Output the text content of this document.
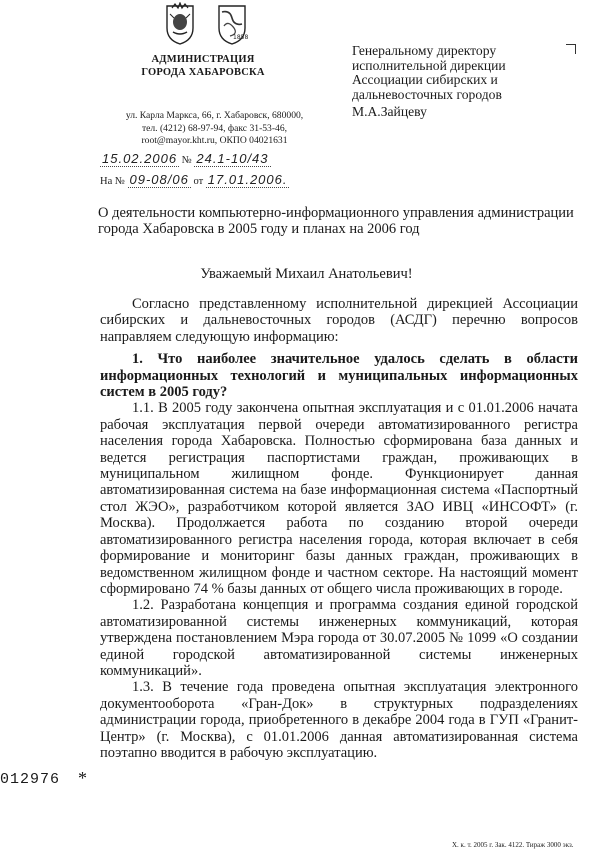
1858
АДМИНИСТРАЦИЯ
ГОРОДА ХАБАРОВСКА
ул. Карла Маркса, 66, г. Хабаровск, 680000,
тел. (4212) 68-97-94, факс 31-53-46,
root@mayor.kht.ru, ОКПО 04021631
15.02.2006 № 24.1-10/43
На № 09-08/06 от 17.01.2006.
Генеральному директору
исполнительной дирекции
Ассоциации сибирских и
дальневосточных городов
М.А.Зайцеву
О деятельности компьютерно-информационного управления администрации
города Хабаровска в 2005 году и планах на 2006 год
Уважаемый Михаил Анатольевич!

Согласно представленному исполнительной дирекцией Ассоциации сибирских и дальневосточных городов (АСДГ) перечню вопросов направляем следующую информацию:

1. Что наиболее значительное удалось сделать в области информационных технологий и муниципальных информационных систем в 2005 году?

1.1. В 2005 году закончена опытная эксплуатация и с 01.01.2006 начата рабочая эксплуатация первой очереди автоматизированного регистра населения города Хабаровска. Полностью сформирована база данных и ведется регистрация паспортистами граждан, проживающих в муниципальном жилищном фонде. Функционирует данная автоматизированная система на базе информационная система «Паспортный стол ЖЭО», разработчиком которой является ЗАО ИВЦ «ИНСОФТ» (г. Москва). Продолжается работа по созданию второй очереди автоматизированного регистра населения города, которая включает в себя формирование и мониторинг базы данных граждан, проживающих в ведомственном жилищном фонде и частном секторе. На настоящий момент сформировано 74 % базы данных от общего числа проживающих в городе.

1.2. Разработана концепция и программа создания единой городской автоматизированной системы инженерных коммуникаций, которая утверждена постановлением Мэра города от 30.07.2005 № 1099 «О создании единой городской автоматизированной системы инженерных коммуникаций».

1.3. В течение года проведена опытная эксплуатация электронного документооборота «Гран-Док» в структурных подразделениях администрации города, приобретенного в декабре 2004 года в ГУП «Гранит-Центр» (г. Москва), с 01.01.2006 данная автоматизированная система поэтапно вводится в рабочую эксплуатацию.

012976 *
Х. к. т. 2005 г. Зак. 4122. Тираж 3000 экз.
